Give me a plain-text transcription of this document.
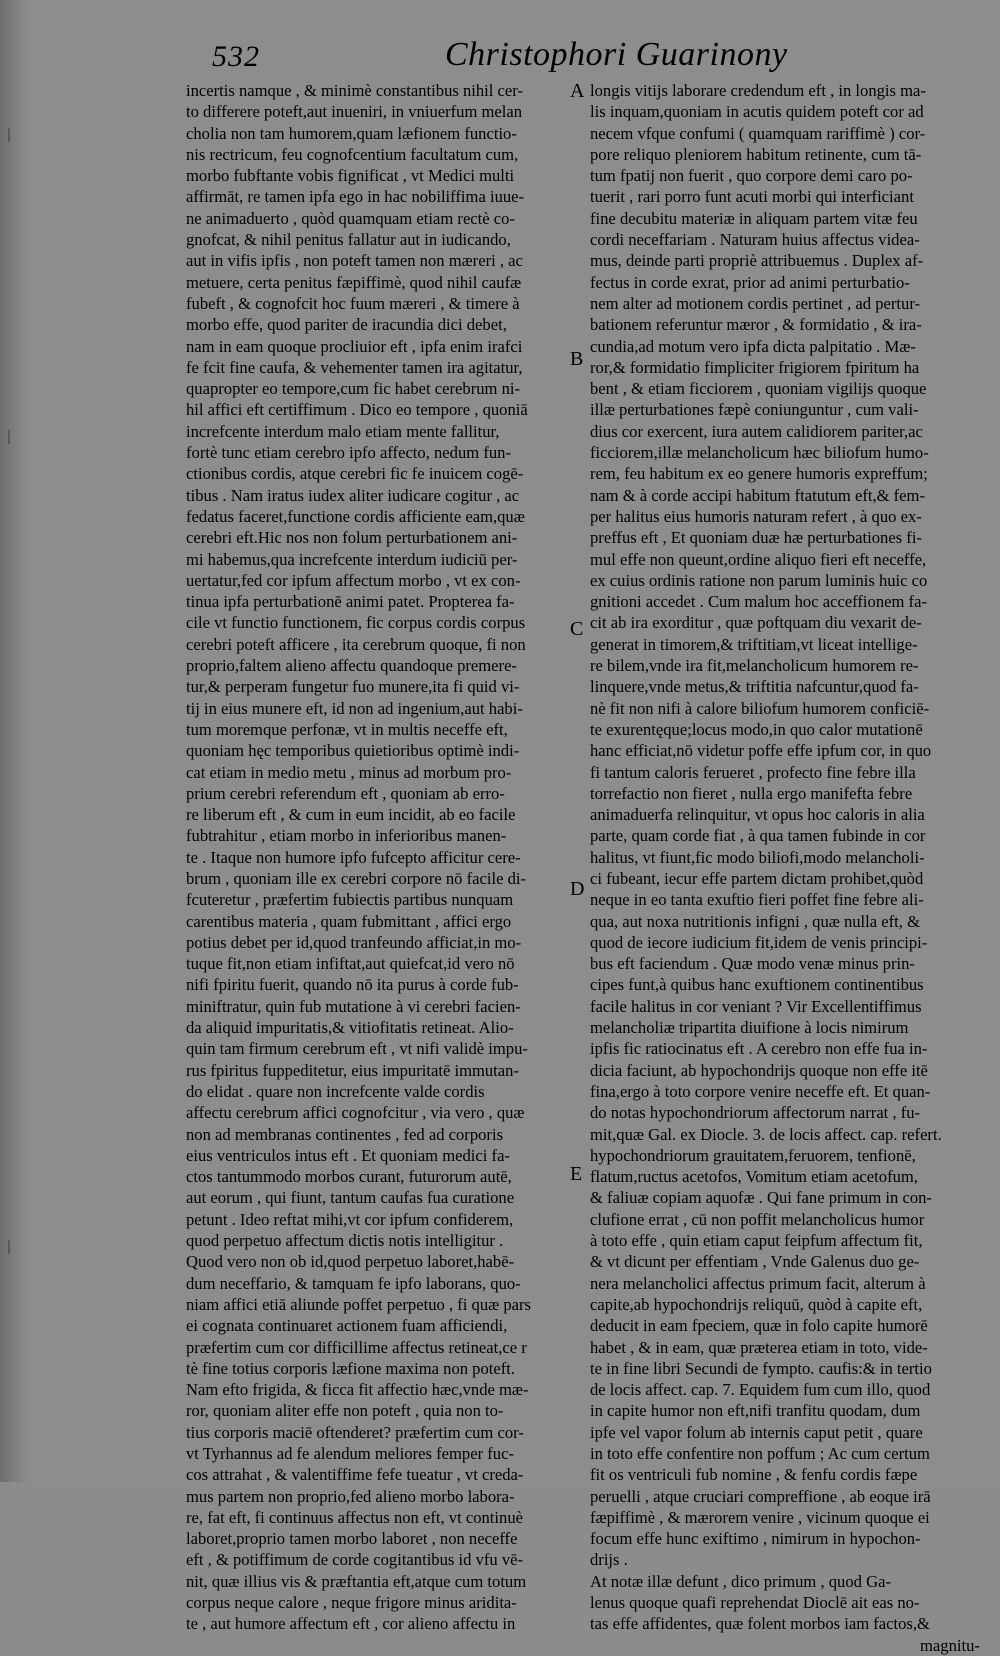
532	Christophori Guarinony
A
B
C
D
E
incertis namque , & minimè constantibus nihil cer-
to differere poteft,aut inueniri, in vniuerfum melan
cholia non tam humorem,quam læfionem functio-
nis rectricum, feu cognofcentium facultatum cum,
morbo fubftante vobis fignificat , vt Medici multi
affirmāt, re tamen ipfa ego in hac nobiliffima iuue-
ne animaduerto , quòd quamquam etiam rectè co-
gnofcat, & nihil penitus fallatur aut in iudicando,
aut in vifis ipfis , non poteft tamen non mæreri , ac
metuere, certa penitus fæpiffimè, quod nihil caufæ
fubeft , & cognofcit hoc fuum mæreri , & timere à
morbo effe, quod pariter de iracundia dici debet,
nam in eam quoque procliuior eft , ipfa enim irafci
fe fcit fine caufa, & vehementer tamen ira agitatur,
quapropter eo tempore,cum fic habet cerebrum ni-
hil affici eft certiffimum . Dico eo tempore , quoniā
increfcente interdum malo etiam mente fallitur,
fortè tunc etiam cerebro ipfo affecto, nedum fun-
ctionibus cordis, atque cerebri fic fe inuicem cogē-
tibus . Nam iratus iudex aliter iudicare cogitur , ac
fedatus faceret,functione cordis afficiente eam,quæ
cerebri eft.Hic nos non folum perturbationem ani-
mi habemus,qua increfcente interdum iudiciū per-
uertatur,fed cor ipfum affectum morbo , vt ex con-
tinua ipfa perturbationē animi patet. Propterea fa-
cile vt functio functionem, fic corpus cordis corpus
cerebri poteft afficere , ita cerebrum quoque, fi non
proprio,faltem alieno affectu quandoque premere-
tur,& perperam fungetur fuo munere,ita fi quid vi-
tij in eius munere eft, id non ad ingenium,aut habi-
tum moremque perfonæ, vt in multis neceffe eft,
quoniam hęc temporibus quietioribus optimè indi-
cat etiam in medio metu , minus ad morbum pro-
prium cerebri referendum eft , quoniam ab erro-
re liberum eft , & cum in eum incidit, ab eo facile
fubtrahitur , etiam morbo in inferioribus manen-
te . Itaque non humore ipfo fufcepto afficitur cere-
brum , quoniam ille ex cerebri corpore nō facile di-
fcuteretur , præfertim fubiectis partibus nunquam
carentibus materia , quam fubmittant , affici ergo
potius debet per id,quod tranfeundo afficiat,in mo-
tuque fit,non etiam infiftat,aut quiefcat,id vero nō
nifi fpiritu fuerit, quando nō ita purus à corde fub-
miniftratur, quin fub mutatione à vi cerebri facien-
da aliquid impuritatis,& vitiofitatis retineat. Alio-
quin tam firmum cerebrum eft , vt nifi validè impu-
rus fpiritus fuppeditetur, eius impuritatē immutan-
do elidat . quare non increfcente valde cordis
affectu cerebrum affici cognofcitur , via vero , quæ
non ad membranas continentes , fed ad corporis
eius ventriculos intus eft . Et quoniam medici fa-
ctos tantummodo morbos curant, futurorum autē,
aut eorum , qui fiunt, tantum caufas fua curatione
petunt . Ideo reftat mihi,vt cor ipfum confiderem,
quod perpetuo affectum dictis notis intelligitur .
Quod vero non ob id,quod perpetuo laboret,habē-
dum neceffario, & tamquam fe ipfo laborans, quo-
niam affici etiā aliunde poffet perpetuo , fi quæ pars
ei cognata continuaret actionem fuam afficiendi,
præfertim cum cor difficillime affectus retineat,ce r
tè fine totius corporis læfione maxima non poteft.
Nam efto frigida, & ficca fit affectio hæc,vnde mæ-
ror, quoniam aliter effe non poteft , quia non to-
tius corporis maciē oftenderet? præfertim cum cor-
vt Tyrhannus ad fe alendum meliores femper fuc-
cos attrahat , & valentiffime fefe tueatur , vt creda-
mus partem non proprio,fed alieno morbo labora-
re, fat eft, fi continuus affectus non eft, vt continuè
laboret,proprio tamen morbo laboret , non neceffe
eft , & potiffimum de corde cogitantibus id vfu vē-
nit, quæ illius vis & præftantia eft,atque cum totum
corpus neque calore , neque frigore minus aridita-
te , aut humore affectum eft , cor alieno affectu in
longis vitijs laborare credendum eft , in longis ma-
lis inquam,quoniam in acutis quidem poteft cor ad
necem vfque confumi ( quamquam rariffimè ) cor-
pore reliquo pleniorem habitum retinente, cum tā-
tum fpatij non fuerit , quo corpore demi caro po-
tuerit , rari porro funt acuti morbi qui interficiant
fine decubitu materiæ in aliquam partem vitæ feu
cordi neceffariam . Naturam huius affectus videa-
mus, deinde parti propriè attribuemus . Duplex af-
fectus in corde exrat, prior ad animi perturbatio-
nem alter ad motionem cordis pertinet , ad pertur-
bationem referuntur mæror , & formidatio , & ira-
cundia,ad motum vero ipfa dicta palpitatio . Mæ-
ror,& formidatio fimpliciter frigiorem fpiritum ha
bent , & etiam ficciorem , quoniam vigilijs quoque
illæ perturbationes fæpè coniunguntur , cum vali-
dius cor exercent, iura autem calidiorem pariter,ac
ficciorem,illæ melancholicum hæc biliofum humo-
rem, feu habitum ex eo genere humoris expreffum;
nam & à corde accipi habitum ftatutum eft,& fem-
per halitus eius humoris naturam refert , à quo ex-
preffus eft , Et quoniam duæ hæ perturbationes fi-
mul effe non queunt,ordine aliquo fieri eft neceffe,
ex cuius ordinis ratione non parum luminis huic co
gnitioni accedet . Cum malum hoc acceffionem fa-
cit ab ira exorditur , quæ poftquam diu vexarit de-
generat in timorem,& triftitiam,vt liceat intellige-
re bilem,vnde ira fit,melancholicum humorem re-
linquere,vnde metus,& triftitia nafcuntur,quod fa-
nè fit non nifi à calore biliofum humorem conficiē-
te exurentęque;locus modo,in quo calor mutationē
hanc efficiat,nō videtur poffe effe ipfum cor, in quo
fi tantum caloris ferueret , profecto fine febre illa
torrefactio non fieret , nulla ergo manifefta febre
animaduerfa relinquitur, vt opus hoc caloris in alia
parte, quam corde fiat , à qua tamen fubinde in cor
halitus, vt fiunt,fic modo biliofi,modo melancholi-
ci fubeant, iecur effe partem dictam prohibet,quòd
neque in eo tanta exuftio fieri poffet fine febre ali-
qua, aut noxa nutritionis infigni , quæ nulla eft, &
quod de iecore iudicium fit,idem de venis principi-
bus eft faciendum . Quæ modo venæ minus prin-
cipes funt,à quibus hanc exuftionem continentibus
facile halitus in cor veniant ? Vir Excellentiffimus
melancholiæ tripartita diuifione à locis nimirum
ipfis fic ratiocinatus eft . A cerebro non effe fua in-
dicia faciunt, ab hypochondrijs quoque non effe itē
fina,ergo à toto corpore venire neceffe eft. Et quan-
do notas hypochondriorum affectorum narrat , fu-
mit,quæ Gal. ex Diocle. 3. de locis affect. cap. refert.
hypochondriorum grauitatem,feruorem, tenfionē,
flatum,ructus acetofos, Vomitum etiam acetofum,
& faliuæ copiam aquofæ . Qui fane primum in con-
clufione errat , cū non poffit melancholicus humor
à toto effe , quin etiam caput feipfum affectum fit,
& vt dicunt per effentiam , Vnde Galenus duo ge-
nera melancholici affectus primum facit, alterum à
capite,ab hypochondrijs reliquū, quòd à capite eft,
deducit in eam fpeciem, quæ in folo capite humorē
habet , & in eam, quæ præterea etiam in toto, vide-
te in fine libri Secundi de fympto. caufis:& in tertio
de locis affect. cap. 7. Equidem fum cum illo, quod
in capite humor non eft,nifi tranfitu quodam, dum
ipfe vel vapor folum ab internis caput petit , quare
in toto effe confentire non poffum ; Ac cum certum
fit os ventriculi fub nomine , & fenfu cordis fæpe
peruelli , atque cruciari compreffione , ab eoque irā
fæpiffimè , & mærorem venire , vicinum quoque ei
focum effe hunc exiftimo , nimirum in hypochon-
drijs .
At notæ illæ defunt , dico primum , quod Ga-
lenus quoque quafi reprehendat Dioclē ait eas no-
tas effe affidentes, quæ folent morbos iam factos,&
magnitu-
